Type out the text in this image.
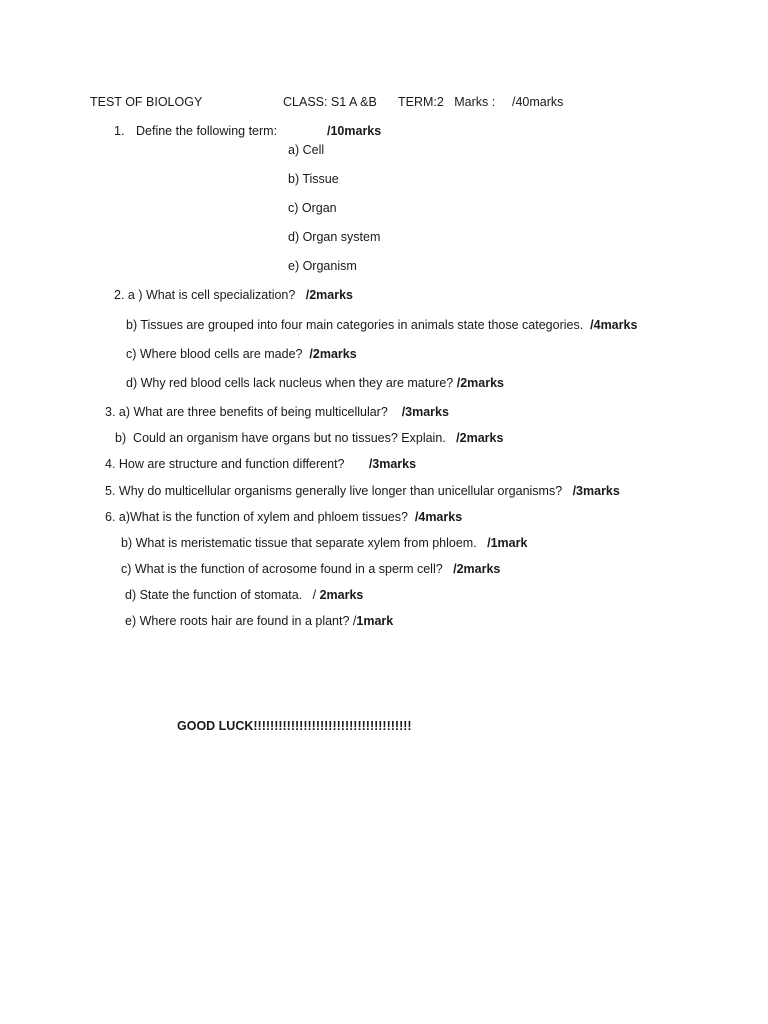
TEST OF BIOLOGY	CLASS: S1 A &B TERM:2   Marks : /40marks
1. Define the following term:	/10marks
a) Cell
b) Tissue
c) Organ
d) Organ system
e) Organism
2. a ) What is cell specialization?   /2marks
b) Tissues are grouped into four main categories in animals state those categories.  /4marks
c) Where blood cells are made?  /2marks
d) Why red blood cells lack nucleus when they are mature? /2marks
3. a) What are three benefits of being multicellular?    /3marks
b)  Could an organism have organs but no tissues? Explain.   /2marks
4. How are structure and function different?       /3marks
5. Why do multicellular organisms generally live longer than unicellular organisms?   /3marks
6. a)What is the function of xylem and phloem tissues?  /4marks
b) What is meristematic tissue that separate xylem from phloem.   /1mark
c) What is the function of acrosome found in a sperm cell?   /2marks
d) State the function of stomata.   / 2marks
e) Where roots hair are found in a plant? /1mark
GOOD LUCK!!!!!!!!!!!!!!!!!!!!!!!!!!!!!!!!!!!!!!
